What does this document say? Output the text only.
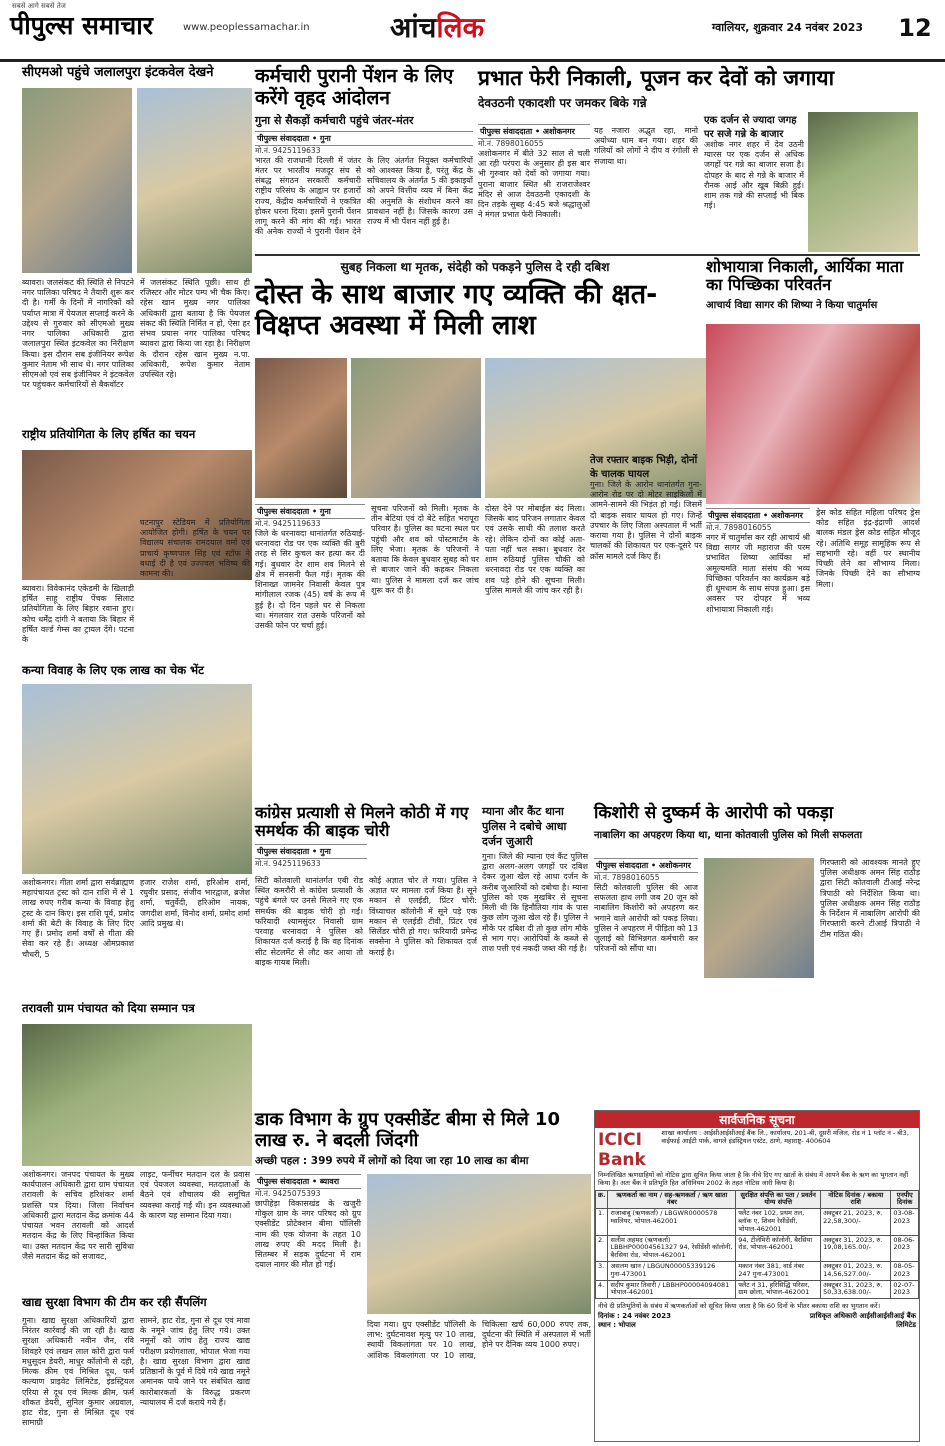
सबसे आगे सबसे तेज
पीपुल्स समाचार	www.peoplessamachar.in	आंचलिक	ग्वालियर, शुक्रवार 24 नवंबर 2023 12
सीएमओ पहुंचे जलालपुरा इंटकवेल देखने
ब्यावरा। जलसंकट की स्थिति से निपटने नगर पालिका परिषद ने तैयारी शुरू कर दी है। गर्मी के दिनों में नागरिकों को पर्याप्त मात्रा में पेयजल सप्लाई करने के उद्देश्य से गुरुवार को सीएमओ मुख्य नगर पालिका अधिकारी द्वारा जलालपुरा स्थित इंटकवेल का निरीक्षण किया। इस दौरान सब इंजीनियर रूपेश कुमार नेताम भी साथ थे। नगर पालिका सीएमओ एवं सब इंजीनियर ने इंटकवेल पर पहुंचकर कर्मचारियों से बैकवॉटर
राष्ट्रीय प्रतियोगिता के लिए हर्षित का चयन
ब्यावरा। विवेकानंद एकेडमी के खिलाड़ी हर्षित साहू राष्ट्रीय पेंचक सिलाट प्रतियोगिता के लिए बिहार रवाना हुए। कोच धर्मेंद्र दांगी ने बताया कि बिहार में हर्षित वर्ल्ड गेम्स का ट्रायल देंगे। पटना के
कन्या विवाह के लिए एक लाख का चेक भेंट
अशोकनगर। गीता शर्मा द्वारा सर्वब्राह्मण महापंचायत ट्रस्ट को दान राशि में से 1 लाख रुपए गरीब कन्या के विवाह हेतु ट्रस्ट के दान किए। इस राशि पूर्व, प्रमोद शर्मा की बेटी के विवाह के लिए दिए गए हैं। प्रमोद शर्मा वर्षों से गीता की सेवा कर रहे हैं। अध्यक्ष ओमप्रकाश चौधरी, 5
तरावली ग्राम पंचायत को दिया सम्मान पत्र
अशोकनगर। जनपद पंचायत के मुख्य कार्यपालन अधिकारी द्वारा ग्राम पंचायत तरावली के सचिव हरिशंकर शर्मा प्रशस्ति पत्र दिया। जिला निर्वाचन अधिकारी द्वारा मतदान केंद्र क्रमांक 44 पंचायत भवन तरावली को आदर्श मतदान केंद्र के लिए चिन्हांकित किया था। उक्त मतदान केंद्र पर सारी सुविधा जैसे मतदान केंद्र को सजावट,
खाद्य सुरक्षा विभाग की टीम कर रही सैंपलिंग
गुना। खाद्य सुरक्षा अधिकारियों द्वारा निरंतर कार्रवाई की जा रही है। खाद्य सुरक्षा अधिकारी नवीन जैन, रवि शिवहरे एवं लखन लाल कोरी द्वारा फर्म मधुसूदन डेयरी, माधुर कॉलोनी से दही, मिल्क क्रीम एवं मिश्रित दूध, फर्म कल्याण प्राइवेट लिमिटेड, इंडस्ट्रियल एरिया से दूध एवं मिल्क क्रीम, फर्म शौकत डेयरी, सुनिल कुमार अग्रवाल, हाट रोड, गुना से मिश्रित दूध एवं सामाग्री
में जलसंकट स्थिति पूछी। साथ ही रजिस्टर और मोटर पम्प भी चैक किए। रहेस खान मुख्य नगर पालिका अधिकारी द्वारा बताया है कि पेयजल संकट की स्थिति निर्मित न हो, ऐसा हर संभव प्रयास नगर पालिका परिषद ब्यावरा द्वारा किया जा रहा है। निरीक्षण के दौरान रहेस खान मुख्य न.पा. अधिकारी, रूपेश कुमार नेताम उपस्थित रहे।
घटनापुर स्टेडियम में प्रतियोगिता आयोजित होगी। हर्षित के चयन पर विद्यालय संचालक रामदयाल वर्मा एवं प्राचार्य कृष्णपाल सिंह एवं स्टॉफ ने बधाई दी है एवं उज्ज्वल भविष्य की कामना की।
हजार राजेश शर्मा, हरिओम शर्मा, रघुवीर प्रसाद, संजीव भारद्वाज, ब्रजेश शर्मा, चतुर्वेदी, हरिओम नायक, जगदीश शर्मा, विनोद शर्मा, प्रमोद शर्मा आदि प्रमुख थे।
लाइट, फर्नीचर मतदान दल के प्रवास एवं पेयजल व्यवस्था, मतदाताओं के बैठने एवं शौचालय की समुचित व्यवस्था कराई गई थी। इन व्यवस्थाओं के कारण यह सम्मान दिया गया।
सामने, हाट रोड, गुना से दूध एवं मावा के नमूने जांच हेतु लिए गये। उक्त नमूनों को जांच हेतु राज्य खाद्य परीक्षण प्रयोगशाला, भोपाल भेजा गया है। खाद्य सुरक्षा विभाग द्वारा खाद्य प्रतिष्ठानों के पूर्व में दिये गये खाद्य नमूने अमानक पाये जाने पर संबंधित खाद्य कारोबारकर्ता के विरुद्ध प्रकरण न्यायालय में दर्ज कराये गये हैं।
कर्मचारी पुरानी पेंशन के लिए करेंगे वृहद आंदोलन
गुना से सैकड़ों कर्मचारी पहुंचे जंतर-मंतर
पीपुल्स संवाददाता • गुना
मो.नं. 9425119633
भारत की राजधानी दिल्ली में जंतर मंतर पर भारतीय मजदूर संघ से संबद्ध संगठन सरकारी कर्मचारी राष्ट्रीय परिसंघ के आह्वान पर हजारों राज्य, केंद्रीय कर्मचारियों ने एकत्रित होकर धरना दिया। इसमें पुरानी पेंशन लागू करने की मांग की गई। भारत की अनेक राज्यों ने पुरानी पेंशन देने के लिए अंतर्गत नियुक्त कर्मचारियों को आश्वस्त किया है, परंतु केंद्र के सचिवालय के अंतर्गत 5 की इकाइयों को अपने वित्तीय व्यय में बिना केंद्र की अनुमति के संशोधन करने का प्रावधान नहीं है। जिसके कारण उस राज्य में भी पेंशन नहीं हुई है।
प्रभात फेरी निकाली, पूजन कर देवों को जगाया
देवउठनी एकादशी पर जमकर बिके गन्ने
पीपुल्स संवाददाता • अशोकनगर
मो.नं. 7898016055
अशोकनगर में बीते 32 साल से चली आ रही परंपरा के अनुसार ही इस बार भी गुरुवार को देवों को जगाया गया। पुराना बाजार स्थित श्री राजराजेश्वर मंदिर से आज देवउठनी एकादशी के दिन तड़के सुबह 4:45 बजे श्रद्धालुओं ने मंगल प्रभात फेरी निकाली।
यह नजारा अद्भुत रहा, मानो अयोध्या धाम बन गया। शहर की गलियों को लोगों ने दीप व रंगोली से सजाया था।
एक दर्जन से ज्यादा जगह पर सजे गन्ने के बाजार
अशोक नगर शहर में देव उठनी ग्यारस पर एक दर्जन से अधिक जगहों पर गन्ने का बाजार सजा है। दोपहर के बाद से गन्ने के बाजार में रौनक आई और खूब बिक्री हुई। शाम तक गन्ने की सप्लाई भी बिक गई।
सुबह निकला था मृतक, संदेही को पकड़ने पुलिस दे रही दबिश
दोस्त के साथ बाजार गए व्यक्ति की क्षत-विक्षप्त अवस्था में मिली लाश
पीपुल्स संवाददाता • गुना
मो.नं. 9425119633
जिले के धरनावदा थानांतर्गत रुठियाई-धरनावदा रोड पर एक व्यक्ति की बुरी तरह से सिर कुचल कर हत्या कर दी गई। बुधवार देर शाम शव मिलने से क्षेत्र में सनसनी फैल गई। मृतक की शिनाख्त जामनेर निवासी केवल पुत्र मांगीलाल रजक (45) वर्ष के रूप में हुई है। दो दिन पहले घर से निकला था। मंगलवार रात उसके परिजनों को उसकी फोन पर चर्चा हुई।
सूचना परिजनों को मिली। मृतक के तीन बेटियां एवं दो बेटे सहित भरापूरा परिवार है। पुलिस का घटना स्थल पर पहुंची और शव को पोस्टमार्टम के लिए भेजा। मृतक के परिजनों ने बताया कि केवल बुधवार सुबह को घर से बाजार जाने की कहकर निकला था। पुलिस ने मामला दर्ज कर जांच शुरू कर दी है।
दोस्त देने पर मोबाईल बंद मिला। जिसके बाद परिजन लगातार केवल एवं उसके साथी की तलाश करते रहे। लेकिन दोनों का कोई अता-पता नहीं चल सका। बुधवार देर शाम रुठियाई पुलिस चौकी को धरनावदा रोड पर एक व्यक्ति का शव पड़े होने की सूचना मिली। पुलिस मामले की जांच कर रही है।
तेज रफ्तार बाइक भिड़ी, दोनों के चालक घायल
गुना। जिले के आरोन थानांतर्गत गुना-आरोन रोड पर दो मोटर साइकिलों में आमने-सामने की भिड़ंत हो गई। जिसमें दो बाइक सवार घायल हो गए। जिन्हें उपचार के लिए जिला अस्पताल में भर्ती कराया गया है। पुलिस ने दोनों बाइक चालकों की शिकायत पर एक-दूसरे पर क्रॉस मामले दर्ज किए हैं।
शोभायात्रा निकाली, आर्यिका माता का पिच्छिका परिवर्तन
आचार्य विद्या सागर की शिष्या ने किया चातुर्मास
पीपुल्स संवाददाता • अशोकनगर
मो.नं. 7898016055
नगर में चातुर्मास कर रही आचार्य श्री विद्या सागर जी महाराज की परम प्रभावित शिष्या आर्यिका माँ अमूल्यमति माता संसंघ की भव्य पिच्छिका परिवर्तन का कार्यक्रम बड़े ही धूमधाम के साथ संपन्न हुआ। इस अवसर पर दोपहर में भव्य शोभायात्रा निकाली गई।
ड्रेस कोड सहित महिला परिषद ड्रेस कोड सहित इंद्र-इंद्राणी आदर्श बालक मंडल ड्रेस कोड सहित मौजूद रहे। अतिथि समूह सामूहिक रूप से सहभागी रहे। वहीं पर स्थानीय पिच्छी लेने का सौभाग्य मिला। जिनके पिच्छी देने का सौभाग्य मिला।
कांग्रेस प्रत्याशी से मिलने कोठी में गए समर्थक की बाइक चोरी
पीपुल्स संवाददाता • गुना
मो.नं. 9425119633
सिटी कोतवाली थानांतर्गत एबी रोड स्थित कमरौरी से कांग्रेस प्रत्याशी के पहुंचे बंगले पर उनसे मिलने गए एक समर्थक की बाइक चोरी हो गई। फरियादी श्यामसुंदर निवासी ग्राम परवाह धरनावदा ने पुलिस को शिकायत दर्ज कराई है कि वह दिनांक सीट सेटलमेंट से लौट कर आया तो बाइक गायब मिली।
कोई अज्ञात चोर ले गया। पुलिस ने अज्ञात पर मामला दर्ज किया है। सूने मकान से एलईडी, प्रिंटर चोरी: विंध्याचल कॉलोनी में सूने पड़े एक मकान से एलईडी टीवी, प्रिंटर एवं सिलेंडर चोरी हो गए। फरियादी प्रमेन्द्र सक्सेना ने पुलिस को शिकायत दर्ज कराई है।
म्याना और कैंट थाना पुलिस ने दबोचे आधा दर्जन जुआरी
गुना। जिले की म्याना एवं कैंट पुलिस द्वारा अलग-अलग जगहों पर दबिश देकर जुआ खेल रहे आधा दर्जन के करीब जुआरियों को दबोचा है। म्याना पुलिस को एक मुखबिर से सूचना मिली थी कि हिनौतिया गांव के पास कुछ लोग जुआ खेल रहे हैं। पुलिस ने मौके पर दबिश दी तो कुछ लोग मौके से भाग गए। आरोपियों के कब्जे से ताश पत्ती एवं नकदी जब्त की गई है।
किशोरी से दुष्कर्म के आरोपी को पकड़ा
नाबालिग का अपहरण किया था, थाना कोतवाली पुलिस को मिली सफलता
पीपुल्स संवाददाता • अशोकनगर
मो.नं. 7898016055
सिटी कोतवाली पुलिस की आज सफलता हाथ लगी जब 20 जून को नाबालिग किशोरी को अपहरण कर भगाने वाले आरोपी को पकड़ लिया। पुलिस ने अपहरण में पीड़िता को 13 जुलाई को विभिन्नगत कर्मचारी कर परिजनों को सौंपा था।
गिरफ्तारी को आवश्यक मानते हुए पुलिस अधीक्षक अमन सिंह राठौड़ द्वारा सिटी कोतवाली टीआई नरेन्द्र त्रिपाठी को निर्देशित किया था। पुलिस अधीक्षक अमन सिंह राठौड़ के निर्देशन में नाबालिग आरोपी की गिरफ्तारी करने टीआई त्रिपाठी ने टीम गठित की।
डाक विभाग के ग्रुप एक्सीडेंट बीमा से मिले 10 लाख रु. ने बदली जिंदगी
अच्छी पहल : 399 रुपये में लोगों को दिया जा रहा 10 लाख का बीमा
पीपुल्स संवाददाता • ब्यावरा
मो.नं. 9425075393
छापीहेड़ा विकासखंड के खजुरी गोकुल ग्राम के नगर परिषद को ग्रुप एक्सीडेंट प्रोटेक्शन बीमा पॉलिसी नाम की एक योजना के तहत 10 लाख रुपए की मदद मिली है। सितम्बर में सड़क दुर्घटना में राम दयाल नागर की मौत हो गई।
दिया गया। ग्रुप एक्सीडेंट पॉलिसी के लाभ: दुर्घटनावश मृत्यु पर 10 लाख, स्थायी विकलांगता पर 10 लाख, आंशिक विकलांगता पर 10 लाख, चिकित्सा खर्च 60,000 रुपए तक, दुर्घटना की स्थिति में अस्पताल में भर्ती होने पर दैनिक व्यय 1000 रुपए।
सार्वजनिक सूचना
ICICI Bank
शाखा कार्यालय : आईसीआईसीआई बैंक लि., कार्यालय, 201-बी, दूसरी मंजिल, रोड नं 1 प्लॉट नं - बी3, वाईफाई आईटी पार्क, वागले इंडस्ट्रियल एस्टेट, ठाणे, महाराष्ट्र- 400604
निम्नलिखित ऋणग्राहियों को नोटिस द्वारा सूचित किया जाता है कि नीचे दिए गए खातों के संबंध में आपने बैंक के ऋण का भुगतान नहीं किया है। अतः बैंक ने प्रतिभूति हित अधिनियम 2002 के तहत नोटिस जारी किया है।
क्र.	ऋणकर्ता का नाम / सह-ऋणकर्ता / ऋण खाता नंबर	सुरक्षित संपत्ति का पता / प्रवर्तन योग्य संपत्ति	नोटिस दिनांक / बकाया राशि	एनपीए दिनांक
1.	राजाबाबू (ऋणकर्ता) / LBGWR0000578 ग्वालियर, भोपाल-462001	फ्लैट नंबर 102, प्रथम तल, ब्लॉक ए, शिवम रेसीडेंसी, भोपाल-462001	अक्टूबर 21, 2023, रु. 22,58,300/-	03-08-2023
2.	सलीम अहमद (ऋणकर्ता) LBBHP00004561327 94, रेसीडेंसी कॉलोनी, बैरसिया रोड, भोपाल-462001	94, टीलेमिरी कॉलोनी, बैरसिया रोड, भोपाल-462001	अक्टूबर 31, 2023, रु. 19,08,165.00/-	08-06-2023
3.	असलम खान / LBGUN00005339126 गुना-473001	मकान नंबर 381, वार्ड नंबर 247 गुना-473001	अक्टूबर 01, 2023, रु. 14,56,527.00/-	08-05-2023
4.	संदीप कुमार तिवारी / LBBHP00004094081 भोपाल-462001	फ्लैट नं 31, हरिसिद्धि परिसर, ग्राम छोला, भोपाल-462001	अक्टूबर 31, 2023, रु. 50,33,638.00/-	02-07-2023
नीचे दी प्रतिभूतियों के संबंध में ऋणकर्ताओं को सूचित किया जाता है कि 60 दिनों के भीतर बकाया राशि का भुगतान करें।
दिनांक : 24 नवंबर 2023
स्थान : भोपाल
प्राधिकृत अधिकारी आईसीआईसीआई बैंक लिमिटेड
